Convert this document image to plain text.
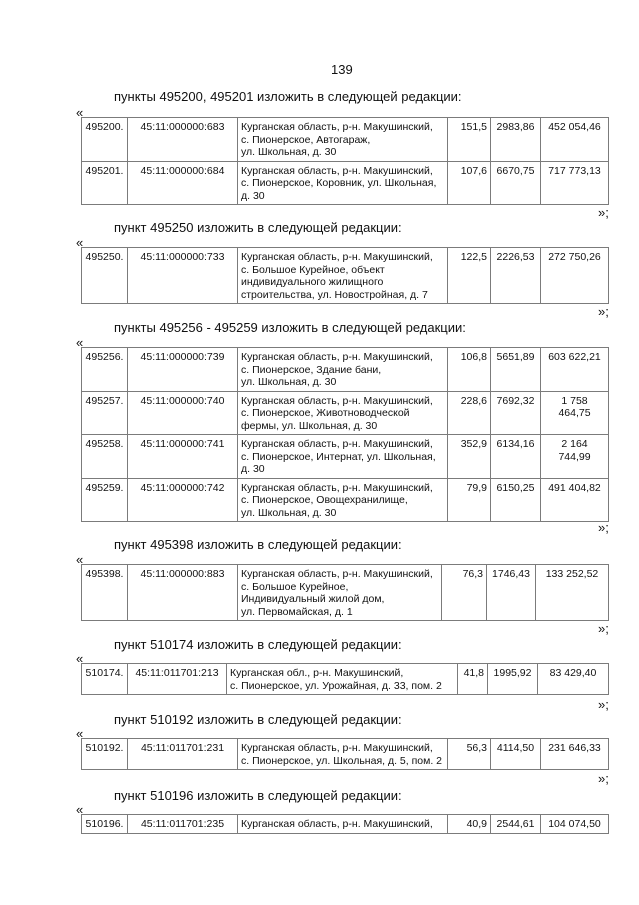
139
пункты 495200, 495201 изложить в следующей редакции:
«
495200.	45:11:000000:683	Курганская область, р-н. Макушинский,
с. Пионерское, Автогараж,
ул. Школьная, д. 30	151,5	2983,86	452 054,46
495201.	45:11:000000:684	Курганская область, р-н. Макушинский,
с. Пионерское, Коровник, ул. Школьная,
д. 30	107,6	6670,75	717 773,13
»;
пункт 495250 изложить в следующей редакции:
«
495250.	45:11:000000:733	Курганская область, р-н. Макушинский,
с. Большое Курейное, объект
индивидуального жилищного
строительства, ул. Новостройная, д. 7
	122,5	2226,53	272 750,26
»;
пункты 495256 - 495259 изложить в следующей редакции:
«
495256.	45:11:000000:739	Курганская область, р-н. Макушинский,
с. Пионерское, Здание бани,
ул. Школьная, д. 30	106,8	5651,89	603 622,21
495257.	45:11:000000:740	Курганская область, р-н. Макушинский,
с. Пионерское, Животноводческой
фермы, ул. Школьная, д. 30	228,6	7692,32	1 758 464,75
495258.	45:11:000000:741	Курганская область, р-н. Макушинский,
с. Пионерское, Интернат, ул. Школьная,
д. 30	352,9	6134,16	2 164 744,99
495259.	45:11:000000:742	Курганская область, р-н. Макушинский,
с. Пионерское, Овощехранилище,
ул. Школьная, д. 30	79,9	6150,25	491 404,82
»;
пункт 495398 изложить в следующей редакции:
«
495398.	45:11:000000:883	Курганская область, р-н. Макушинский,
с. Большое Курейное,
Индивидуальный жилой дом,
ул. Первомайская, д. 1
	76,3	1746,43	133 252,52
»;
пункт 510174 изложить в следующей редакции:
«
510174.	45:11:011701:213	Курганская обл., р-н. Макушинский,
с. Пионерское, ул. Урожайная, д. 33, пом. 2
	41,8	1995,92	83 429,40
»;
пункт 510192 изложить в следующей редакции:
«
510192.	45:11:011701:231	Курганская область, р-н. Макушинский,
с. Пионерское, ул. Школьная, д. 5, пом. 2
	56,3	4114,50	231 646,33
»;
пункт 510196 изложить в следующей редакции:
«
510196.	45:11:011701:235	Курганская область, р-н. Макушинский,	40,9	2544,61	104 074,50
